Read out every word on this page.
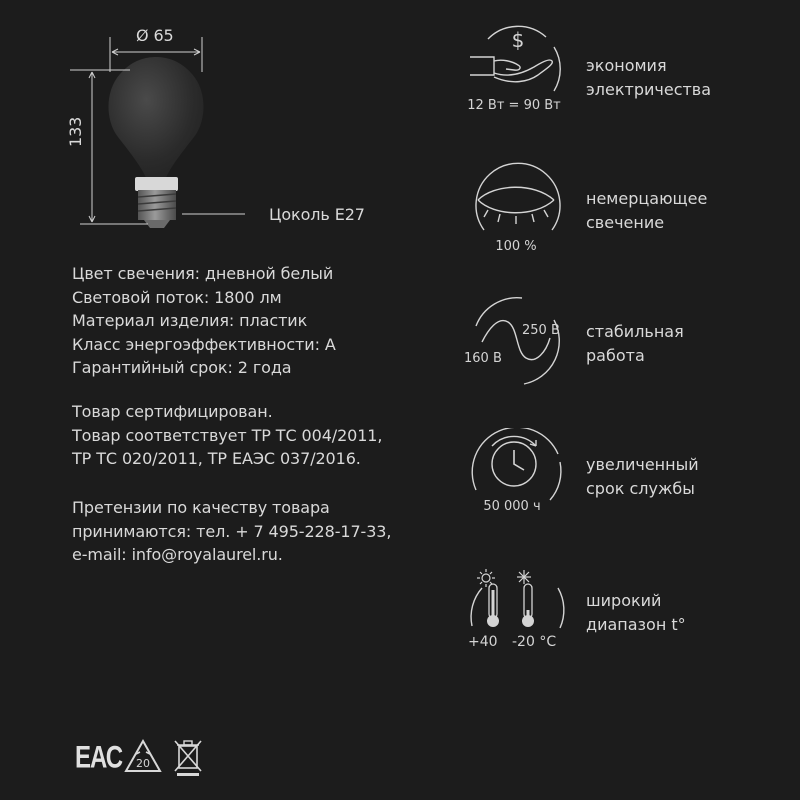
Ø 65
133
Цоколь Е27
Цвет свечения: дневной белый
Световой поток: 1800 лм
Материал изделия: пластик
Класс энергоэффективности: А
Гарантийный срок: 2 года
Товар сертифицирован.
Товар соответствует ТР ТС 004/2011,
ТР ТС 020/2011, ТР ЕАЭС 037/2016.
Претензии по качеству товара
принимаются: тел. + 7 495-228-17-33,
e-mail: info@royalaurel.ru.
$
12 Вт = 90 Вт
экономия
электричества
100 %
немерцающее
свечение
160 В
250 В стабильная
работа
50 000 ч
увеличенный
срок службы
+40 -20 °C
широкий
диапазон t°
ЕАС 20
